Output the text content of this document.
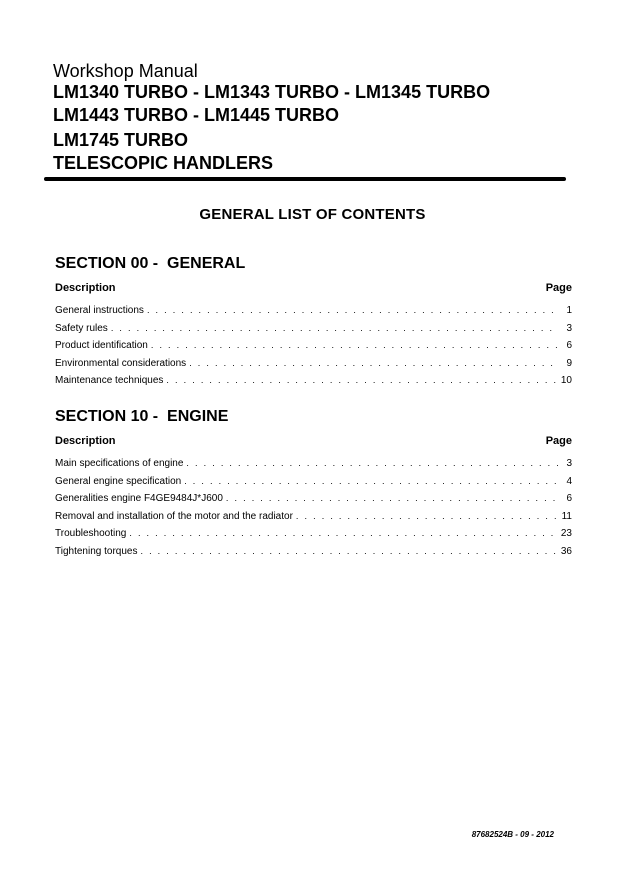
Workshop Manual
LM1340 TURBO - LM1343 TURBO - LM1345 TURBO
LM1443 TURBO - LM1445 TURBO
LM1745 TURBO
TELESCOPIC HANDLERS
GENERAL LIST OF CONTENTS
SECTION 00 -  GENERAL
Description	Page
General instructions . . .	1
Safety rules . . .	3
Product identification . . .	6
Environmental considerations . . .	9
Maintenance techniques . . .	10
SECTION 10 -  ENGINE
Description	Page
Main specifications of engine . . .	3
General engine specification . . .	4
Generalities engine F4GE9484J*J600 . . .	6
Removal and installation of the motor and the radiator . . .	11
Troubleshooting . . .	23
Tightening torques . . .	36
87682524B - 09 - 2012
